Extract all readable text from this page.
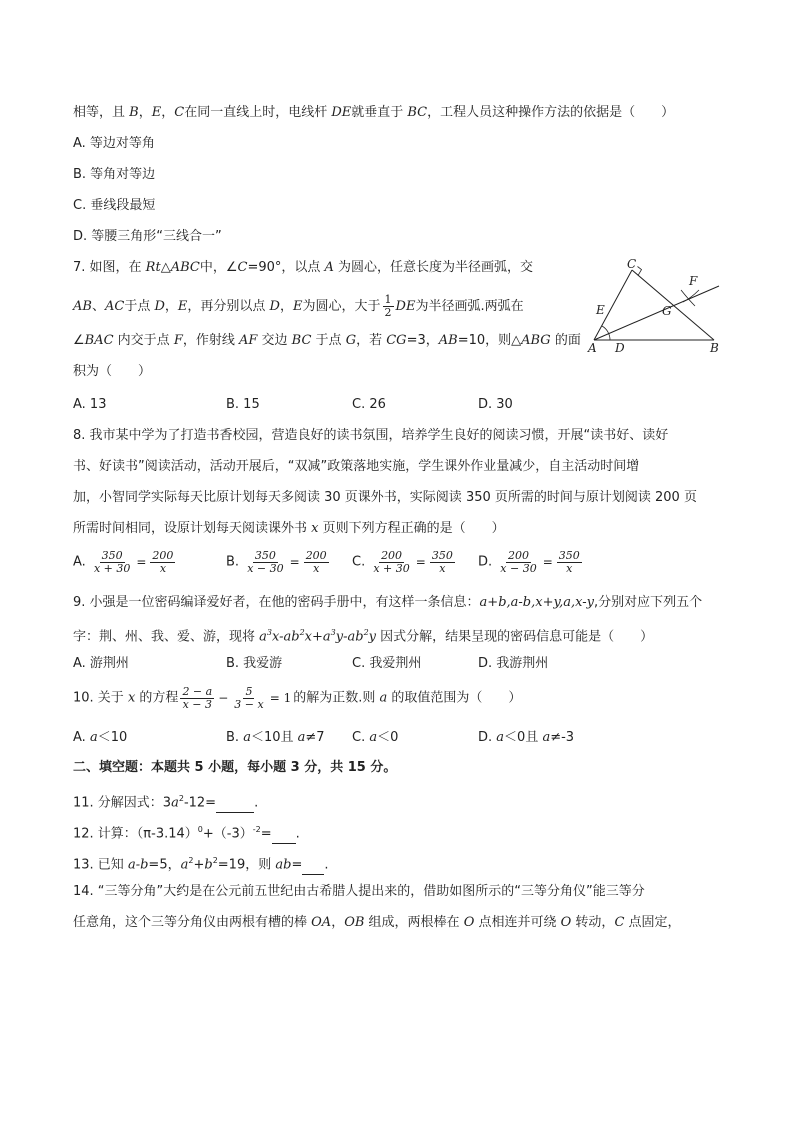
相等，且 B，E，C在同一直线上时，电线杆 DE就垂直于 BC，工程人员这种操作方法的依据是（　　）
A. 等边对等角
B. 等角对等边
C. 垂线段最短
D. 等腰三角形“三线合一”
7. 如图，在 Rt△ABC中，∠C=90°，以点 A 为圆心，任意长度为半径画弧，交
AB、AC于点 D，E，再分别以点 D，E为圆心，大于 $\frac{1}{2}$ DE为半径画弧.两弧在
∠BAC 内交于点 F，作射线 AF 交边 BC 于点 G，若 CG=3，AB=10，则△ABG 的面
积为（　　）
A. 13	B. 15	C. 26	D. 30
C
F
E	G
A D	B
8. 我市某中学为了打造书香校园，营造良好的读书氛围，培养学生良好的阅读习惯，开展“读书好、读好
书、好读书”阅读活动，活动开展后，“双减”政策落地实施，学生课外作业量减少，自主活动时间增
加，小智同学实际每天比原计划每天多阅读 30 页课外书，实际阅读 350 页所需的时间与原计划阅读 200 页
所需时间相同，设原计划每天阅读课外书 x 页则下列方程正确的是（　　）
A. $\frac{350}{x + 30} = \frac{200}{x}$	B. $\frac{350}{x - 30} = \frac{200}{x} C$. $\frac{200}{x + 30} = \frac{350}{x} D$. $\frac{200}{x - 30} = \frac{350}{x}$
9. 小强是一位密码编译爱好者，在他的密码手册中，有这样一条信息：a+b,a-b,x+y,a,x-y,分别对应下列五个
字：荆、州、我、爱、游，现将 $a^3x-ab^2x+a^3y-ab^2y$ 因式分解，结果呈现的密码信息可能是（　　）
A. 游荆州	B. 我爱游	C. 我爱荆州	D. 我游荆州
10. 关于 x 的方程 $\frac{2 - a}{x - 3} - \frac{5}{3 - x} = 1$ 的解为正数.则 a 的取值范围为（　　）
A. a＜10	B. a＜10且 a≠7 C. a＜0	D. a＜0且 a≠-3
二、填空题：本题共 5 小题，每小题 3 分，共 15 分。
11. 分解因式：$3a^2-12=$	.
12. 计算：$(\pi-3.14)^0+(-3)^{-2}=$ .
13. 已知 a-b=5，$a^2+b^2=19$，则 ab= .
14. “三等分角”大约是在公元前五世纪由古希腊人提出来的，借助如图所示的“三等分角仪”能三等分
任意角，这个三等分角仪由两根有槽的棒 OA，OB 组成，两根棒在 O 点相连并可绕 O 转动，C 点固定，
